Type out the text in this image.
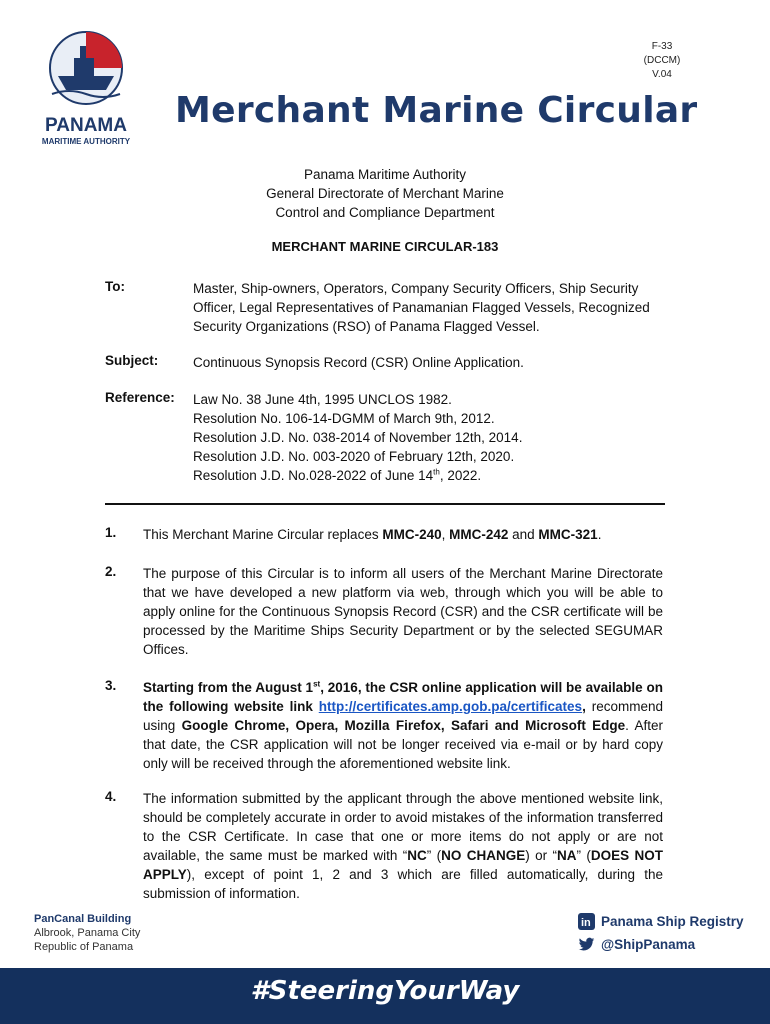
PANAMA
MARITIME AUTHORITY
F-33
(DCCM)
V.04
Merchant Marine Circular
Panama Maritime Authority
General Directorate of Merchant Marine
Control and Compliance Department
MERCHANT MARINE CIRCULAR-183
To:	Master, Ship-owners, Operators, Company Security Officers, Ship Security Officer, Legal Representatives of Panamanian Flagged Vessels, Recognized Security Organizations (RSO) of Panama Flagged Vessel.
Subject:	Continuous Synopsis Record (CSR) Online Application.
Reference: Law No. 38 June 4th, 1995 UNCLOS 1982.
Resolution No. 106-14-DGMM of March 9th, 2012.
Resolution J.D. No. 038-2014 of November 12th, 2014.
Resolution J.D. No. 003-2020 of February 12th, 2020.
Resolution J.D. No.028-2022 of June 14th, 2022.
1. This Merchant Marine Circular replaces MMC-240, MMC-242 and MMC-321.
2. The purpose of this Circular is to inform all users of the Merchant Marine Directorate that we have developed a new platform via web, through which you will be able to apply online for the Continuous Synopsis Record (CSR) and the CSR certificate will be processed by the Maritime Ships Security Department or by the selected SEGUMAR Offices.
3. Starting from the August 1st, 2016, the CSR online application will be available on the following website link http://certificates.amp.gob.pa/certificates, recommend using Google Chrome, Opera, Mozilla Firefox, Safari and Microsoft Edge. After that date, the CSR application will not be longer received via e-mail or by hard copy only will be received through the aforementioned website link.
4. The information submitted by the applicant through the above mentioned website link, should be completely accurate in order to avoid mistakes of the information transferred to the CSR Certificate. In case that one or more items do not apply or are not available, the same must be marked with “NC” (NO CHANGE) or “NA” (DOES NOT APPLY), except of point 1, 2 and 3 which are filled automatically, during the submission of information.
PanCanal Building
Albrook, Panama City
Republic of Panama
in Panama Ship Registry
@ShipPanama
#SteeringYourWay
